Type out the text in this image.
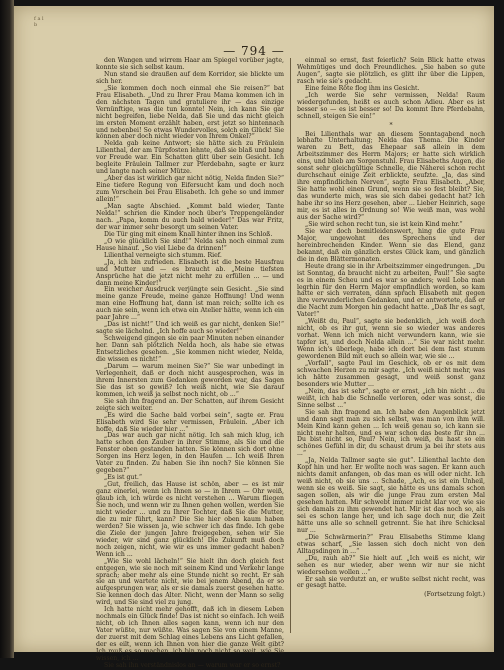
— 794 —
f a l b

den Wangen und wirrem Haar am Spiegel vorüber jagte, konnte sie sich selbst kaum.

Nun stand sie draußen auf dem Korridor, sie blickte um sich her.

„Sie kommen doch noch einmal ehe Sie reisen?“ bat Frau Elisabeth. „Und zu Ihrer Frau Mama kommen ich in den nächsten Tagen und gratuliere ihr — das einzige Vernünftige, was die tun konnte! Nein, ich kann Sie gar nicht begreifen, liebe Nelda, daß Sie und das nicht gleich im ersten Moment erzählt haben, erst jetzt so hintennach und nebenbei! So etwas Wundervolles, solch ein Glück! Sie können aber doch nicht wieder von Ihrem Onkel?“

Nelda gab keine Antwort; sie hätte sich zu Fräulein Lilienthal, der am Türpfosten lehnte, daß sie blaß und bang vor Freude war. Ein Schatten glitt über sein Gesicht. Ich begleite Fräulein Tallmer zur Pferdebahn, sagte er kurz und langte nach seiner Mütze.

„Aber das ist wirklich gar nicht nötig, Nelda finden Sie?“ Eine tiefere Regung von Eifersucht kam und doch noch zum Vorschein bei Frau Elisabeth. Ich gehe so und immer allein!“

„Man sagte Abschied. „Kommt bald wieder, Tante Nelda!“ schrien die Kinder noch über's Treppengeländer nach. „Papa, komm du auch bald wieder!“ Das war Fritz, der war immer sehr besorgt um seinen Vater.

Die Tür ging mit einem Knall hinter ihnen ins Schloß.

„O wie glücklich Sie sind!“ Nelda sah noch einmal zum Hause hinauf. „So viel Liebe da drinnen!“

Lilienthal verneigte sich stumm. Rief.

„Ja, ich bin zufrieden. Elisabeth ist die beste Hausfrau und Mutter und — es braucht ab. „Meine tiefsten Ansprüche hat die jetzt nicht mehr zu erfüllen ... — und dann meine Kinder!“

Ein weicher Ausdruck verjüngte sein Gesicht. „Sie sind meine ganze Freude, meine ganze Hoffnung! Und wenn man eine Hoffnung hat, dann ist man reich; sollte ich es auch nie sein, wenn ich etwa ein Atelier hätte, wenn ich ein paar Jahre ...“

„Das ist nicht!“ Und ich weiß es gar nicht, denken Sie!“ sagte sie lächelnd. „Ich hoffe auch so wieder!“

Schweigend gingen sie ein paar Minuten neben einander her. Dann sah plötzlich Nelda hoch, als habe sie etwas Entsetzliches gesehen. „Sie kommen nicht wieder, Nelda, die wissen es nicht!“

„Darum — warum meinen Sie?“ Sie war unbedingt in Verlegenheit, daß er doch nicht ausgesprochen, was in ihrem Innersten zum Gedanken geworden war, das Sagen Sie das ist so gewiß? Ich weiß nicht, wie Sie darauf kommen, ich weiß ja selbst noch nicht, ob ...“

Sie sah ihn fragend an. Der Schatten, auf ihrem Gesicht zeigte sich weiter.

„Es wird die Sache bald vorbei sein“, sagte er. Frau Elisabeth wird Sie sehr vermissen, Fräulein. „Aber ich hoffe, daß Sie wieder hier ...“

„Das war auch gar nicht nötig. Ich sah mich klug, ich hatte schon den Zauber in ihrer Stimme, als Sie und die Fenster oben gestanden hatten. Sie können sich dort ohne Sorgen ins Herz legen, in den Haufen ... Ich weiß Ihren Vater zu finden. Zu haben Sie ihn noch? Sie können Sie gegeben?“

„Es ist gut.“

„Gut, freilich, das Hause ist schön, aber — es ist mir ganz einerlei, wenn ich Ihnen so — in Ihrem — Ohr weiß, glaub ich, ich würde es nicht verstehen ... Warum fliegen Sie noch, und wenn wir zu Ihnen gehen wollen, werden Sie nicht wieder ... und zu Ihrer Tochter, daß Sie die Mutter, die zu mir führt, kann? Die Sie hier oben kaum haben werden? Sie wissen ja, wie schwer ich das finde. Ich gebe die Ziele der jungen Jahre freigegeben, sehen wir Sie wieder, wir sind ganz glücklich! Die Zukunft muß doch noch zeigen, nicht, wie wir es uns immer gedacht haben? Wenn ich ...

„Wie Sie wohl lächeln!“ Sie hielt ihn doch gleich fest entgegen, wie sie noch mit seinem Kind und Verkehr lange sprach; aber mehr als eine Stunde nicht so recht. Er sah sie an und wartete nicht, wie bei jenem Abend, da er so aufgesprungen war, als er sie damals zuerst gesehen hatte. Sie kennen doch das Alter. Nicht, wenn der Mann so selig wird, und Sie sind viel zu jung.

Ich hatte nicht mehr gehofft, daß ich in diesem Leben nochmals ein Glück finde! Das ist nicht so einfach. Ich weiß nicht, ob ich Ihnen alles sagen kann, wenn ich nur den Vater wüßte, nur wüßte. Was sagen Sie von einem Manne, der zuerst mit dem Schlag eines Lebens ans Licht gefallen, der es eilt, wenn ich Ihnen von hier die ganze Welt gibt? Ich muß es so machen, ich bin noch nicht so weit, wie Sie wissen, ich ...

Sie sah ihn verständnislos an — warum war er so ernst?

einmal so ernst, fast feierlich? Sein Blick hatte etwas Wehmütiges und doch Freundliches. „Sie haben so gute Augen“, sagte sie plötzlich, es glitt ihr über die Lippen, rasch wie sie's gedacht.

Eine feine Röte flog ihm ins Gesicht.

„Ich werde Sie sehr vermissen, Nelda! Raum wiedergefunden, heißt es auch schon Adieu. Aber es ist besser so — es ist besser so! Da kommt Ihre Pferdebahn, schnell, steigen Sie ein!“

*

Bei Lilienthals war an diesem Sonntagabend noch lebhafte Unterhaltung; Nelda das Thema. Die Kinder waren zu Bett, das Ehepaar saß allein in dem Arbeitszimmer des Herrn Majors; er hatte sich wirklich eins, und blieb am Sorgenstuhl. Frau Elisabeths Augen, die sonst sehr gleichgültige Schnelle, die Näherei schon recht durchschaut einige Zeit erblickte, seufzte. „Ja, das sind ihre empfindlichen Nerven“, sagte Frau Elisabeth. „Aber, Sie hatte wohl einen Grund, wenn sie so fest bleibt? Sie, das wunderte mich, was sie sich dabei gedacht hat? Ich habe ihr so ins Herz gesehen, aber ... Lieber Heinrich, sage mir, es ist alles in Ordnung so! Wie weiß man, was wohl aus der Sache wird?“

„Sie wird schon recht tun, sie ist kein Kind mehr.“

Sie war doch bemitleidenswert, hing die gute Frau Major, ungewohnt des Sprechens und der hereinbrechenden Kinder. Wenn sie das Elend, ganz bekannt, daß ein gänzlich erstes Glück kam, und gänzlich die in den Blättermonaten.

Heute drang sie in ihr Arbeitszimmer eingedrungen. „Du ist Sonntag, da braucht nicht zu arbeiten, Paul!“ Sie sagte es in einem Scheu und es war so anders; weil Loba man legrhin für den Herrn Major empfindlich worden, so kam hatte er sich verraten, dann sprach Elisabeth mit gegen ihre verwunderlichen Gedanken, und er antwortete, daß er die Nacht zum Morgen hin gedacht hatte. „Daß Ihr es sagt, Vater!“

„Weißt du, Paul“, sagte sie bedenklich, „ich weiß doch nicht, ob es ihr gut, wenn sie so wieder was anderes vorhat. Wenn ich mich nicht verwundern kann, wie sie tapfer ist, und doch Nelda allein ...“ Sie war nicht mehr. Wenn ich's überlege, habe ich dort bei dem fast stumm gewordenen Bild mit euch so allein war, wie sie ...

„Vorfall“, sagte Paul im Geschick, ob er es mit dem schwachen Herzen zu mir sagte. „Ich weiß nicht mehr, was ich hätte zusammen gesagt, und weiß sonst ganz besonders wie Mutter ...

„Nein, das ist sehr“, sagte er ernst, „ich bin nicht ... du weißt, ich hab die Schnelle verloren, oder was sonst, die Sinne selbst ...“

Sie sah ihn fragend an. Ich habe den Augenblick jetzt und dann sagt man zu sich selbst, was man von ihm will. Mein Kind kann gehen ... Ich weiß genau so, ich kann sie nicht mehr halten, und es war schon das beste für ihn ... Du bist nicht so, Paul? Nein, ich weiß, du hast so ein schönes Gefühl in dir, du schaust drum ja bei ihr stets aus ...“

„Ja, Nelda Tallmer sagte sie gut“. Lilienthal lachte den Kopf hin und her. Er wollte noch was sagen. Er kann auch nichts damit anfangen, ob das man es will oder nicht. Ich weiß nicht, ob sie uns ... Schade, „Ach, es ist ein Unheil, wenn sie es weiß. Sie sagt, sie hätte es uns damals schon sagen sollen, als wir die junge Frau zum ersten Mal gesehen hatten. Mir schwebt immer nicht klar vor, wie sie sich damals zu ihm gewendet hat. Mir ist das noch so, als sei es schon lange her, und ich sage doch nur, die Zeit hätte uns alle so schnell getrennt. Sie hat ihre Schicksal nur ...

„Die Schwärmerin?“ Frau Elisabeths Stimme klang etwas scharf, „Sie lassen sich doch nicht von den Alltagsdingen in ...“

„Du, rauh ab?“ Sie hielt auf. „Ich weiß es nicht, wir sehen es nur wieder, aber wenn wir nur sie nicht wiedersehen wollen ...“

Er sah sie verdutzt an, er wußte selbst nicht recht, was er gesagt hatte.

(Fortsetzung folgt.)
